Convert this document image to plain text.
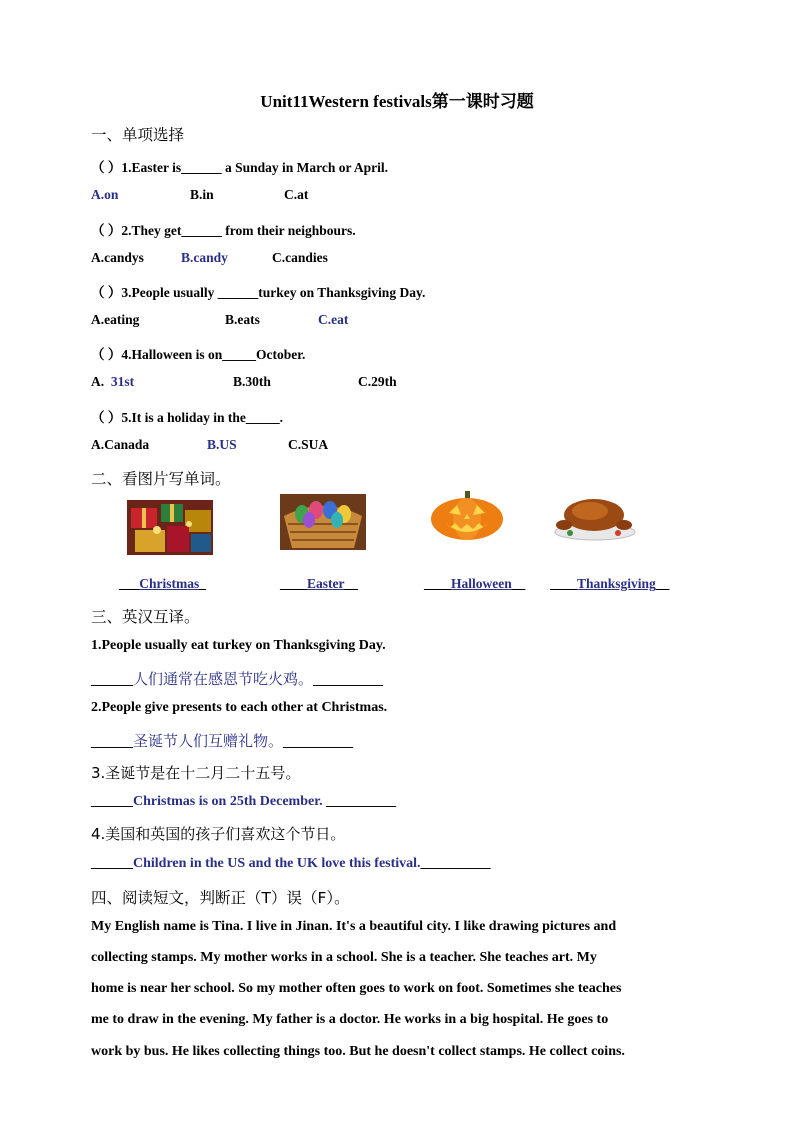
Unit11Western festivals第一课时习题
一、单项选择
（ ）1.Easter is______ a Sunday in March or April.
A.on	B.in	C.at
（ ）2.They get______ from their neighbours.
A.candys	B.candy	C.candies
（ ）3.People usually ______turkey on Thanksgiving Day.
A.eating	B.eats	C.eat
（ ）4.Halloween is on_____October.
A. 31st	B.30th	C.29th
（ ）5.It is a holiday in the_____.
A.Canada	B.US	C.SUA
二、看图片写单词。
___Christmas_	____Easter__	____Halloween__ ____Thanksgiving__
三、英汉互译。
1.People usually eat turkey on Thanksgiving Day.
______人们通常在感恩节吃火鸡。__________
2.People give presents to each other at Christmas.
______圣诞节人们互赠礼物。__________
3.圣诞节是在十二月二十五号。
______Christmas is on 25th December. __________
4.美国和英国的孩子们喜欢这个节日。
______Children in the US and the UK love this festival.__________
四、阅读短文，判断正（T）误（F）。
My English name is Tina. I live in Jinan. It's a beautiful city. I like drawing pictures and
collecting stamps. My mother works in a school. She is a teacher. She teaches art. My
home is near her school. So my mother often goes to work on foot. Sometimes she teaches
me to draw in the evening. My father is a doctor. He works in a big hospital. He goes to
work by bus. He likes collecting things too. But he doesn't collect stamps. He collect coins.
